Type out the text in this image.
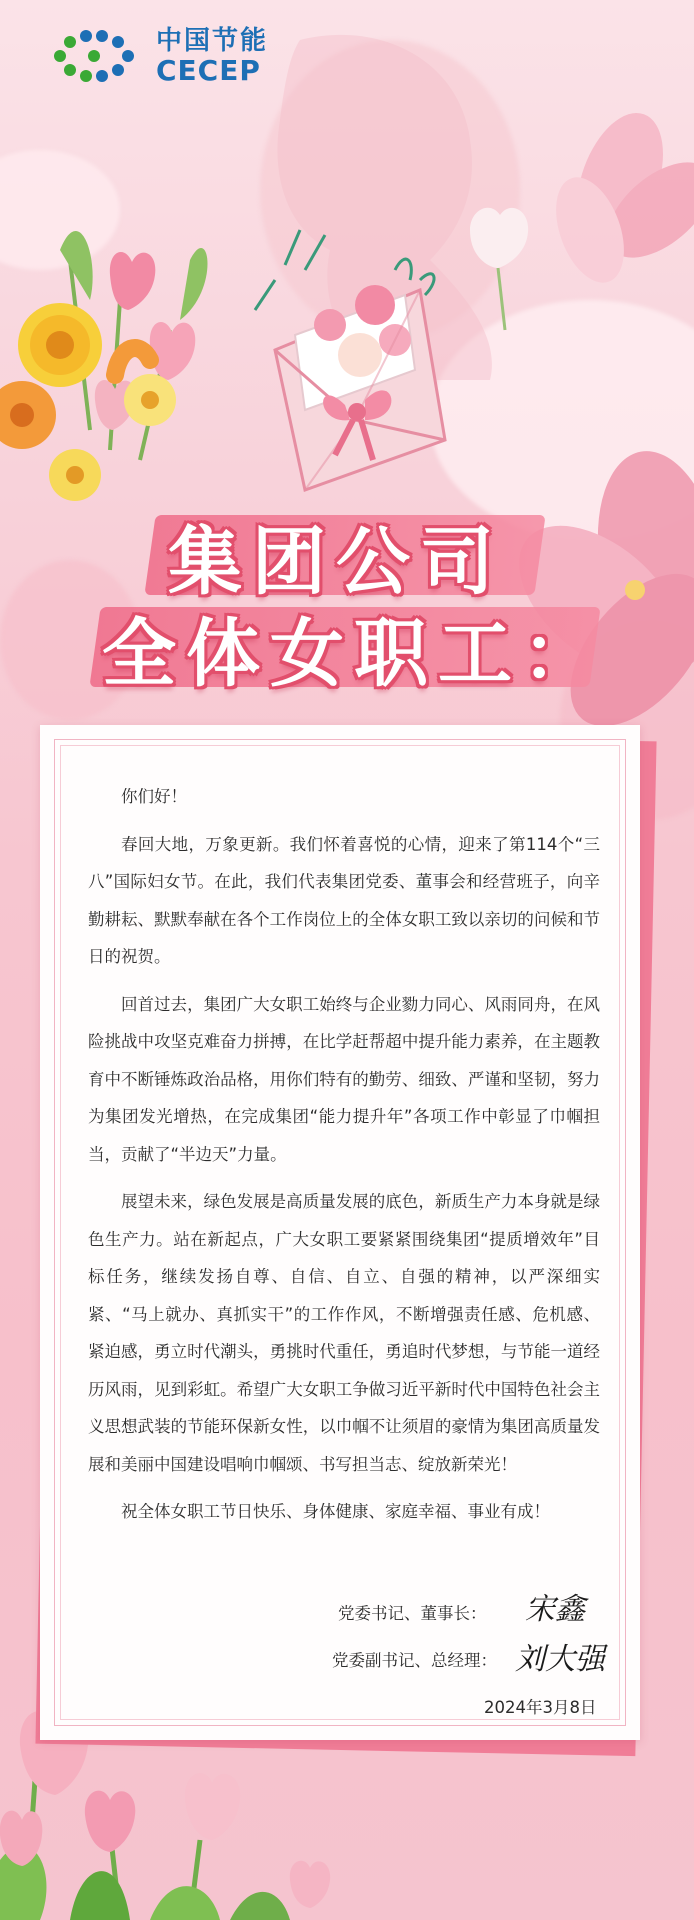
中国节能
CECEP
集团公司
全体女职工：

你们好！

春回大地，万象更新。我们怀着喜悦的心情，迎来了第114个“三八”国际妇女节。在此，我们代表集团党委、董事会和经营班子，向辛勤耕耘、默默奉献在各个工作岗位上的全体女职工致以亲切的问候和节日的祝贺。

回首过去，集团广大女职工始终与企业勠力同心、风雨同舟，在风险挑战中攻坚克难奋力拼搏，在比学赶帮超中提升能力素养，在主题教育中不断锤炼政治品格，用你们特有的勤劳、细致、严谨和坚韧，努力为集团发光增热，在完成集团“能力提升年”各项工作中彰显了巾帼担当，贡献了“半边天”力量。

展望未来，绿色发展是高质量发展的底色，新质生产力本身就是绿色生产力。站在新起点，广大女职工要紧紧围绕集团“提质增效年”目标任务，继续发扬自尊、自信、自立、自强的精神，以严深细实紧、“马上就办、真抓实干”的工作作风，不断增强责任感、危机感、紧迫感，勇立时代潮头，勇挑时代重任，勇追时代梦想，与节能一道经历风雨，见到彩虹。希望广大女职工争做习近平新时代中国特色社会主义思想武装的节能环保新女性，以巾帼不让须眉的豪情为集团高质量发展和美丽中国建设唱响巾帼颂、书写担当志、绽放新荣光！

祝全体女职工节日快乐、身体健康、家庭幸福、事业有成！

党委书记、董事长： 宋鑫
党委副书记、总经理： 刘大强
2024年3月8日
